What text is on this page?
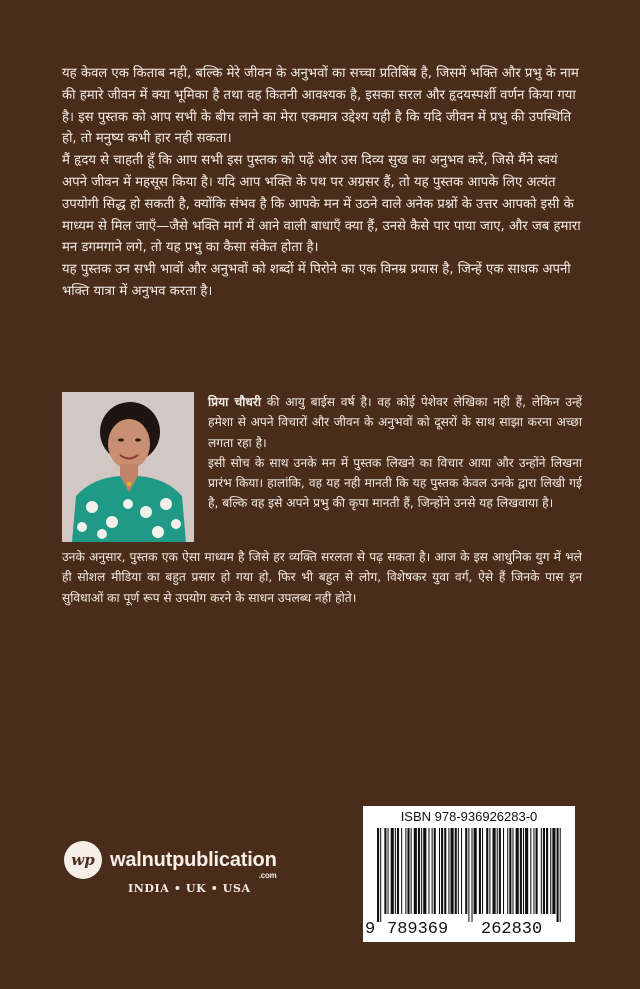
यह केवल एक किताब नही, बल्कि मेरे जीवन के अनुभवों का सच्चा प्रतिबिंब है, जिसमें भक्ति और प्रभु के नाम की हमारे जीवन में क्या भूमिका है तथा वह कितनी आवश्यक है, इसका सरल और हृदयस्पर्शी वर्णन किया गया है। इस पुस्तक को आप सभी के बीच लाने का मेरा एकमात्र उद्देश्य यही है कि यदि जीवन में प्रभु की उपस्थिति हो, तो मनुष्य कभी हार नही सकता।

मैं हृदय से चाहती हूँ कि आप सभी इस पुस्तक को पढ़ें और उस दिव्य सुख का अनुभव करें, जिसे मैंने स्वयं अपने जीवन में महसूस किया है। यदि आप भक्ति के पथ पर अग्रसर हैं, तो यह पुस्तक आपके लिए अत्यंत उपयोगी सिद्ध हो सकती है, क्योंकि संभव है कि आपके मन में उठने वाले अनेक प्रश्नों के उत्तर आपको इसी के माध्यम से मिल जाएँ—जैसे भक्ति मार्ग में आने वाली बाधाएँ क्या हैं, उनसे कैसे पार पाया जाए, और जब हमारा मन डगमगाने लगे, तो यह प्रभु का कैसा संकेत होता है।

यह पुस्तक उन सभी भावों और अनुभवों को शब्दों में पिरोने का एक विनम्र प्रयास है, जिन्हें एक साधक अपनी भक्ति यात्रा में अनुभव करता है।

प्रिया चौधरी की आयु बाईस वर्ष है। वह कोई पेशेवर लेखिका नही हैं, लेकिन उन्हें हमेशा से अपने विचारों और जीवन के अनुभवों को दूसरों के साथ साझा करना अच्छा लगता रहा है।

इसी सोच के साथ उनके मन में पुस्तक लिखने का विचार आया और उन्होंने लिखना प्रारंभ किया। हालांकि, वह यह नही मानती कि यह पुस्तक केवल उनके द्वारा लिखी गई है, बल्कि वह इसे अपने प्रभु की कृपा मानती हैं, जिन्होंने उनसे यह लिखवाया है।

उनके अनुसार, पुस्तक एक ऐसा माध्यम है जिसे हर व्यक्ति सरलता से पढ़ सकता है। आज के इस आधुनिक युग में भले ही सोशल मीडिया का बहुत प्रसार हो गया हो, फिर भी बहुत से लोग, विशेषकर युवा वर्ग, ऐसे हैं जिनके पास इन सुविधाओं का पूर्ण रूप से उपयोग करने के साधन उपलब्ध नही होते।

wp walnutpublication
.com
INDIA • UK • USA
ISBN 978-936926283-0
9 789369 262830
